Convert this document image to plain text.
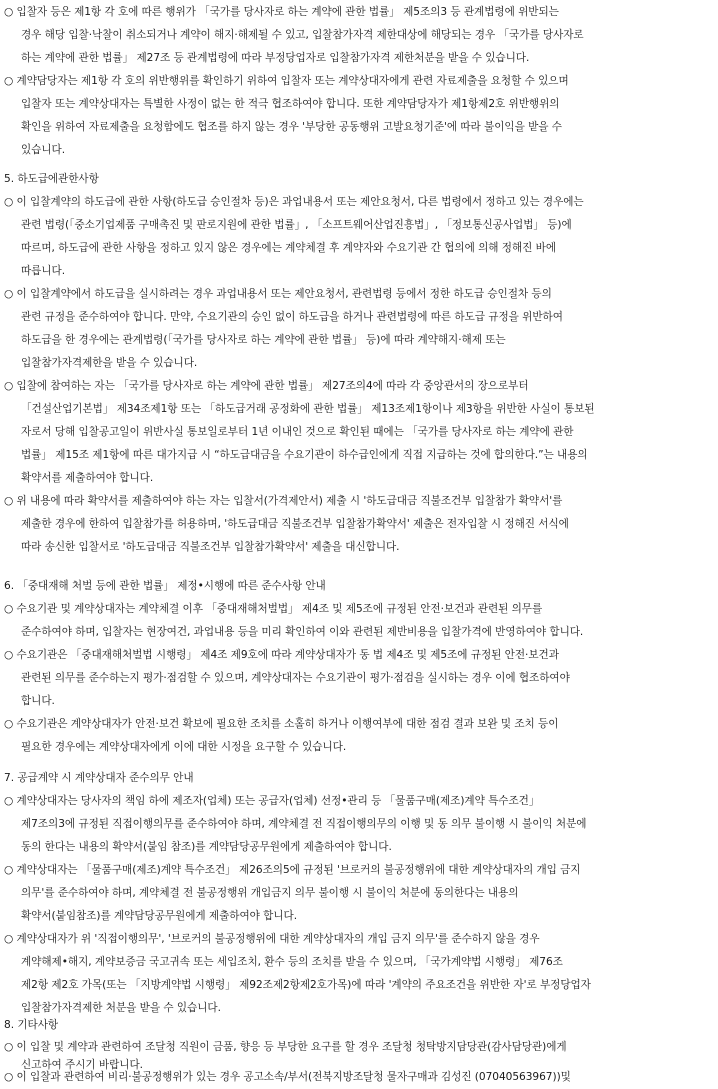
○ 입찰자 등은 제1항 각 호에 따른 행위가 「국가를 당사자로 하는 계약에 관한 법률」 제5조의3 등 관계법령에 위반되는
경우 해당 입찰·낙찰이 취소되거나 계약이 해지·해제될 수 있고, 입찰참가자격 제한대상에 해당되는 경우 「국가를 당사자로
하는 계약에 관한 법률」 제27조 등 관계법령에 따라 부정당업자로 입찰참가자격 제한처분을 받을 수 있습니다.
○ 계약담당자는 제1항 각 호의 위반행위를 확인하기 위하여 입찰자 또는 계약상대자에게 관련 자료제출을 요청할 수 있으며
입찰자 또는 계약상대자는 특별한 사정이 없는 한 적극 협조하여야 합니다. 또한 계약담당자가 제1항제2호 위반행위의
확인을 위하여 자료제출을 요청함에도 협조를 하지 않는 경우 '부당한 공동행위 고발요청기준'에 따라 불이익을 받을 수
있습니다.
5. 하도급에관한사항
○ 이 입찰계약의 하도급에 관한 사항(하도급 승인절차 등)은 과업내용서 또는 제안요청서, 다른 법령에서 정하고 있는 경우에는
관련 법령(「중소기업제품 구매촉진 및 판로지원에 관한 법률」, 「소프트웨어산업진흥법」, 「정보통신공사업법」 등)에
따르며, 하도급에 관한 사항을 정하고 있지 않은 경우에는 계약체결 후 계약자와 수요기관 간 협의에 의해 정해진 바에
따릅니다.
○ 이 입찰계약에서 하도급을 실시하려는 경우 과업내용서 또는 제안요청서, 관련법령 등에서 정한 하도급 승인절차 등의
관련 규정을 준수하여야 합니다. 만약, 수요기관의 승인 없이 하도급을 하거나 관련법령에 따른 하도급 규정을 위반하여
하도급을 한 경우에는 관계법령(「국가를 당사자로 하는 계약에 관한 법률」 등)에 따라 계약해지·해제 또는
입찰참가자격제한을 받을 수 있습니다.
○ 입찰에 참여하는 자는 「국가를 당사자로 하는 계약에 관한 법률」 제27조의4에 따라 각 중앙관서의 장으로부터
「건설산업기본법」 제34조제1항 또는 「하도급거래 공정화에 관한 법률」 제13조제1항이나 제3항을 위반한 사실이 통보된
자로서 당해 입찰공고일이 위반사실 통보일로부터 1년 이내인 것으로 확인된 때에는 「국가를 당사자로 하는 계약에 관한
법률」 제15조 제1항에 따른 대가지급 시 “하도급대금을 수요기관이 하수급인에게 직접 지급하는 것에 합의한다.”는 내용의
확약서를 제출하여야 합니다.
○ 위 내용에 따라 확약서를 제출하여야 하는 자는 입찰서(가격제안서) 제출 시 '하도급대금 직불조건부 입찰참가 확약서'를
제출한 경우에 한하여 입찰참가를 허용하며, '하도급대금 직불조건부 입찰참가확약서' 제출은 전자입찰 시 정해진 서식에
따라 송신한 입찰서로 '하도급대금 직불조건부 입찰참가확약서' 제출을 대신합니다.
6. 「중대재해 처벌 등에 관한 법률」 제정•시행에 따른 준수사항 안내
○ 수요기관 및 계약상대자는 계약체결 이후 「중대재해처벌법」 제4조 및 제5조에 규정된 안전·보건과 관련된 의무를
준수하여야 하며, 입찰자는 현장여건, 과업내용 등을 미리 확인하여 이와 관련된 제반비용을 입찰가격에 반영하여야 합니다.
○ 수요기관은 「중대재해처벌법 시행령」 제4조 제9호에 따라 계약상대자가 동 법 제4조 및 제5조에 규정된 안전·보건과
관련된 의무를 준수하는지 평가·점검할 수 있으며, 계약상대자는 수요기관이 평가·점검을 실시하는 경우 이에 협조하여야
합니다.
○ 수요기관은 계약상대자가 안전·보건 확보에 필요한 조치를 소홀히 하거나 이행여부에 대한 점검 결과 보완 및 조치 등이
필요한 경우에는 계약상대자에게 이에 대한 시정을 요구할 수 있습니다.
7. 공급계약 시 계약상대자 준수의무 안내
○ 계약상대자는 당사자의 책임 하에 제조자(업체) 또는 공급자(업체) 선정•관리 등 「물품구매(제조)계약 특수조건」
제7조의3에 규정된 직접이행의무를 준수하여야 하며, 계약체결 전 직접이행의무의 이행 및 동 의무 불이행 시 불이익 처분에
동의 한다는 내용의 확약서(붙임 참조)를 계약담당공무원에게 제출하여야 합니다.
○ 계약상대자는 「물품구매(제조)계약 특수조건」 제26조의5에 규정된 '브로커의 불공정행위에 대한 계약상대자의 개입 금지
의무'를 준수하여야 하며, 계약체결 전 불공정행위 개입금지 의무 불이행 시 불이익 처분에 동의한다는 내용의
확약서(붙임참조)를 계약담당공무원에게 제출하여야 합니다.
○ 계약상대자가 위 '직접이행의무', '브로커의 불공정행위에 대한 계약상대자의 개입 금지 의무'를 준수하지 않을 경우
계약해제•해지, 계약보증금 국고귀속 또는 세입조치, 환수 등의 조치를 받을 수 있으며, 「국가계약법 시행령」 제76조
제2항 제2호 가목(또는 「지방계약법 시행령」 제92조제2항제2호가목)에 따라 '계약의 주요조건을 위반한 자'로 부정당업자
입찰참가자격제한 처분을 받을 수 있습니다.
8. 기타사항
○ 이 입찰 및 계약과 관련하여 조달청 직원이 금품, 향응 등 부당한 요구를 할 경우 조달청 청탁방지담당관(감사담당관)에게
신고하여 주시기 바랍니다.
○ 이 입찰과 관련하여 비리·불공정행위가 있는 경우 공고소속/부서(전북지방조달청 물자구매과 김성진 (07040563967))및
